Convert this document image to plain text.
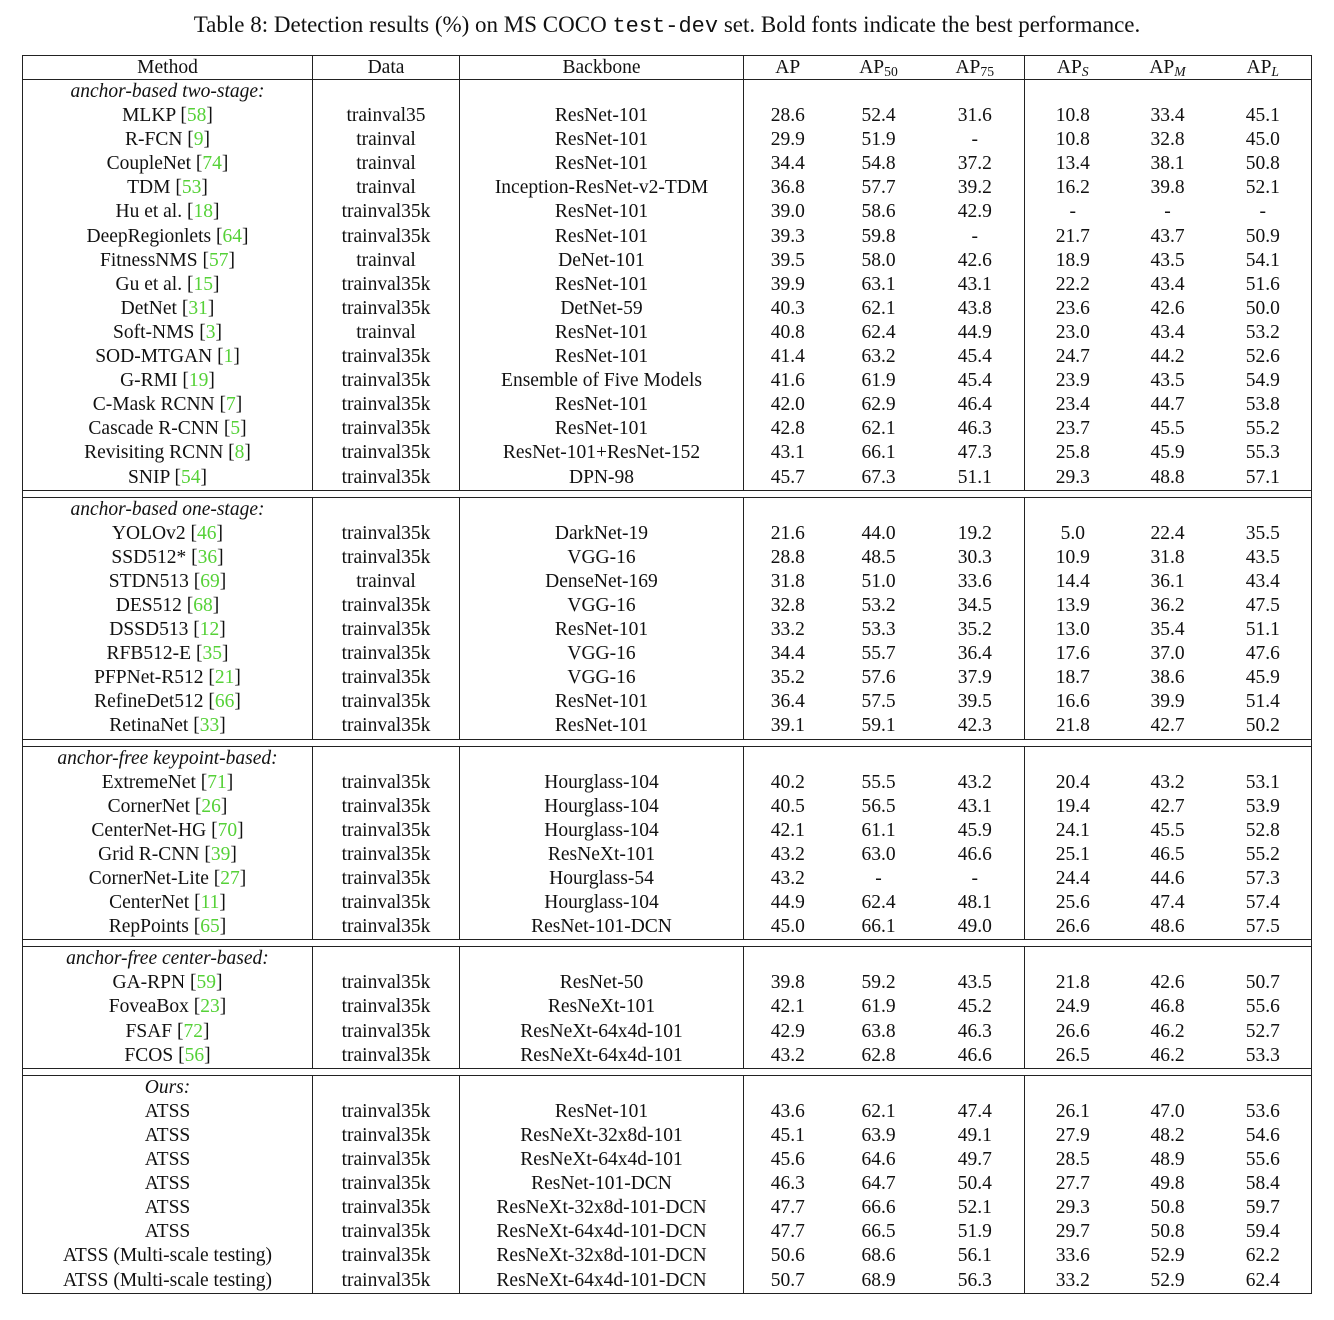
Table 8: Detection results (%) on MS COCO test-dev set. Bold fonts indicate the best performance.
Method	Data	Backbone	AP	$AP_{50}$	$AP_{75}$	$AP_S$	$AP_M$	$AP_L$
anchor-based two-stage:								
MLKP [58]	trainval35	ResNet-101	28.6	52.4	31.6	10.8	33.4	45.1
R-FCN [9]	trainval	ResNet-101	29.9	51.9	-	10.8	32.8	45.0
CoupleNet [74]	trainval	ResNet-101	34.4	54.8	37.2	13.4	38.1	50.8
TDM [53]	trainval	Inception-ResNet-v2-TDM	36.8	57.7	39.2	16.2	39.8	52.1
Hu et al. [18]	trainval35k	ResNet-101	39.0	58.6	42.9	-	-	-
DeepRegionlets [64]	trainval35k	ResNet-101	39.3	59.8	-	21.7	43.7	50.9
FitnessNMS [57]	trainval	DeNet-101	39.5	58.0	42.6	18.9	43.5	54.1
Gu et al. [15]	trainval35k	ResNet-101	39.9	63.1	43.1	22.2	43.4	51.6
DetNet [31]	trainval35k	DetNet-59	40.3	62.1	43.8	23.6	42.6	50.0
Soft-NMS [3]	trainval	ResNet-101	40.8	62.4	44.9	23.0	43.4	53.2
SOD-MTGAN [1]	trainval35k	ResNet-101	41.4	63.2	45.4	24.7	44.2	52.6
G-RMI [19]	trainval35k	Ensemble of Five Models	41.6	61.9	45.4	23.9	43.5	54.9
C-Mask RCNN [7]	trainval35k	ResNet-101	42.0	62.9	46.4	23.4	44.7	53.8
Cascade R-CNN [5]	trainval35k	ResNet-101	42.8	62.1	46.3	23.7	45.5	55.2
Revisiting RCNN [8]	trainval35k	ResNet-101+ResNet-152	43.1	66.1	47.3	25.8	45.9	55.3
SNIP [54]	trainval35k	DPN-98	45.7	67.3	51.1	29.3	48.8	57.1

anchor-based one-stage:								
YOLOv2 [46]	trainval35k	DarkNet-19	21.6	44.0	19.2	5.0	22.4	35.5
SSD512* [36]	trainval35k	VGG-16	28.8	48.5	30.3	10.9	31.8	43.5
STDN513 [69]	trainval	DenseNet-169	31.8	51.0	33.6	14.4	36.1	43.4
DES512 [68]	trainval35k	VGG-16	32.8	53.2	34.5	13.9	36.2	47.5
DSSD513 [12]	trainval35k	ResNet-101	33.2	53.3	35.2	13.0	35.4	51.1
RFB512-E [35]	trainval35k	VGG-16	34.4	55.7	36.4	17.6	37.0	47.6
PFPNet-R512 [21]	trainval35k	VGG-16	35.2	57.6	37.9	18.7	38.6	45.9
RefineDet512 [66]	trainval35k	ResNet-101	36.4	57.5	39.5	16.6	39.9	51.4
RetinaNet [33]	trainval35k	ResNet-101	39.1	59.1	42.3	21.8	42.7	50.2

anchor-free keypoint-based:								
ExtremeNet [71]	trainval35k	Hourglass-104	40.2	55.5	43.2	20.4	43.2	53.1
CornerNet [26]	trainval35k	Hourglass-104	40.5	56.5	43.1	19.4	42.7	53.9
CenterNet-HG [70]	trainval35k	Hourglass-104	42.1	61.1	45.9	24.1	45.5	52.8
Grid R-CNN [39]	trainval35k	ResNeXt-101	43.2	63.0	46.6	25.1	46.5	55.2
CornerNet-Lite [27]	trainval35k	Hourglass-54	43.2	-	-	24.4	44.6	57.3
CenterNet [11]	trainval35k	Hourglass-104	44.9	62.4	48.1	25.6	47.4	57.4
RepPoints [65]	trainval35k	ResNet-101-DCN	45.0	66.1	49.0	26.6	48.6	57.5

anchor-free center-based:								
GA-RPN [59]	trainval35k	ResNet-50	39.8	59.2	43.5	21.8	42.6	50.7
FoveaBox [23]	trainval35k	ResNeXt-101	42.1	61.9	45.2	24.9	46.8	55.6
FSAF [72]	trainval35k	ResNeXt-64x4d-101	42.9	63.8	46.3	26.6	46.2	52.7
FCOS [56]	trainval35k	ResNeXt-64x4d-101	43.2	62.8	46.6	26.5	46.2	53.3

Ours:								
ATSS	trainval35k	ResNet-101	43.6	62.1	47.4	26.1	47.0	53.6
ATSS	trainval35k	ResNeXt-32x8d-101	45.1	63.9	49.1	27.9	48.2	54.6
ATSS	trainval35k	ResNeXt-64x4d-101	45.6	64.6	49.7	28.5	48.9	55.6
ATSS	trainval35k	ResNet-101-DCN	46.3	64.7	50.4	27.7	49.8	58.4
ATSS	trainval35k	ResNeXt-32x8d-101-DCN	47.7	66.6	52.1	29.3	50.8	59.7
ATSS	trainval35k	ResNeXt-64x4d-101-DCN	47.7	66.5	51.9	29.7	50.8	59.4
ATSS (Multi-scale testing)	trainval35k	ResNeXt-32x8d-101-DCN	50.6	68.6	56.1	33.6	52.9	62.2
ATSS (Multi-scale testing)	trainval35k	ResNeXt-64x4d-101-DCN	50.7	68.9	56.3	33.2	52.9	62.4
